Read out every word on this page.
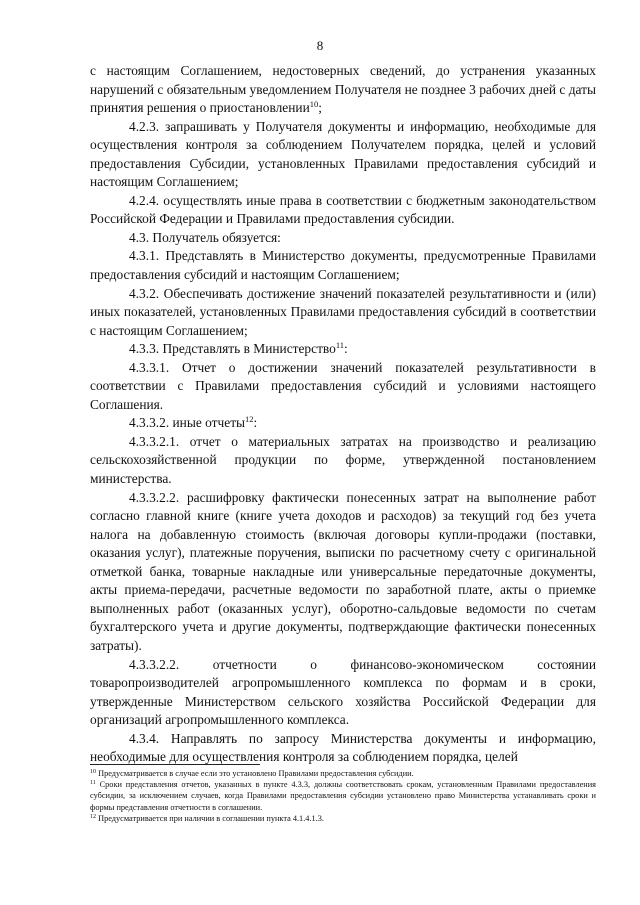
8

с настоящим Соглашением, недостоверных сведений, до устранения указанных нарушений с обязательным уведомлением Получателя не позднее 3 рабочих дней с даты принятия решения о приостановлении$^{10}$;

4.2.3. запрашивать у Получателя документы и информацию, необходимые для осуществления контроля за соблюдением Получателем порядка, целей и условий предоставления Субсидии, установленных Правилами предоставления субсидий и настоящим Соглашением;

4.2.4. осуществлять иные права в соответствии с бюджетным законодательством Российской Федерации и Правилами предоставления субсидии.

4.3. Получатель обязуется:

4.3.1. Представлять в Министерство документы, предусмотренные Правилами предоставления субсидий и настоящим Соглашением;

4.3.2. Обеспечивать достижение значений показателей результативности и (или) иных показателей, установленных Правилами предоставления субсидий в соответствии с настоящим Соглашением;

4.3.3. Представлять в Министерство$^{11}$:

4.3.3.1. Отчет о достижении значений показателей результативности в соответствии с Правилами предоставления субсидий и условиями настоящего Соглашения.

4.3.3.2. иные отчеты$^{12}$:

4.3.3.2.1. отчет о материальных затратах на производство и реализацию сельскохозяйственной продукции по форме, утвержденной постановлением министерства.

4.3.3.2.2. расшифровку фактически понесенных затрат на выполнение работ согласно главной книге (книге учета доходов и расходов) за текущий год без учета налога на добавленную стоимость (включая договоры купли-продажи (поставки, оказания услуг), платежные поручения, выписки по расчетному счету с оригинальной отметкой банка, товарные накладные или универсальные передаточные документы, акты приема-передачи, расчетные ведомости по заработной плате, акты о приемке выполненных работ (оказанных услуг), оборотно-сальдовые ведомости по счетам бухгалтерского учета и другие документы, подтверждающие фактически понесенных затраты).

4.3.3.2.2. отчетности о финансово-экономическом состоянии товаропроизводителей агропромышленного комплекса по формам и в сроки, утвержденные Министерством сельского хозяйства Российской Федерации для организаций агропромышленного комплекса.

4.3.4. Направлять по запросу Министерства документы и информацию, необходимые для осуществления контроля за соблюдением порядка, целей

$^{10}$ Предусматривается в случае если это установлено Правилами предоставления субсидии.

$^{11}$ Сроки представления отчетов, указанных в пункте 4.3.3, должны соответствовать срокам, установленным Правилами предоставления субсидии, за исключением случаев, когда Правилами предоставления субсидии установлено право Министерства устанавливать сроки и формы представления отчетности в соглашении.

$^{12}$ Предусматривается при наличии в соглашении пункта 4.1.4.1.3.
